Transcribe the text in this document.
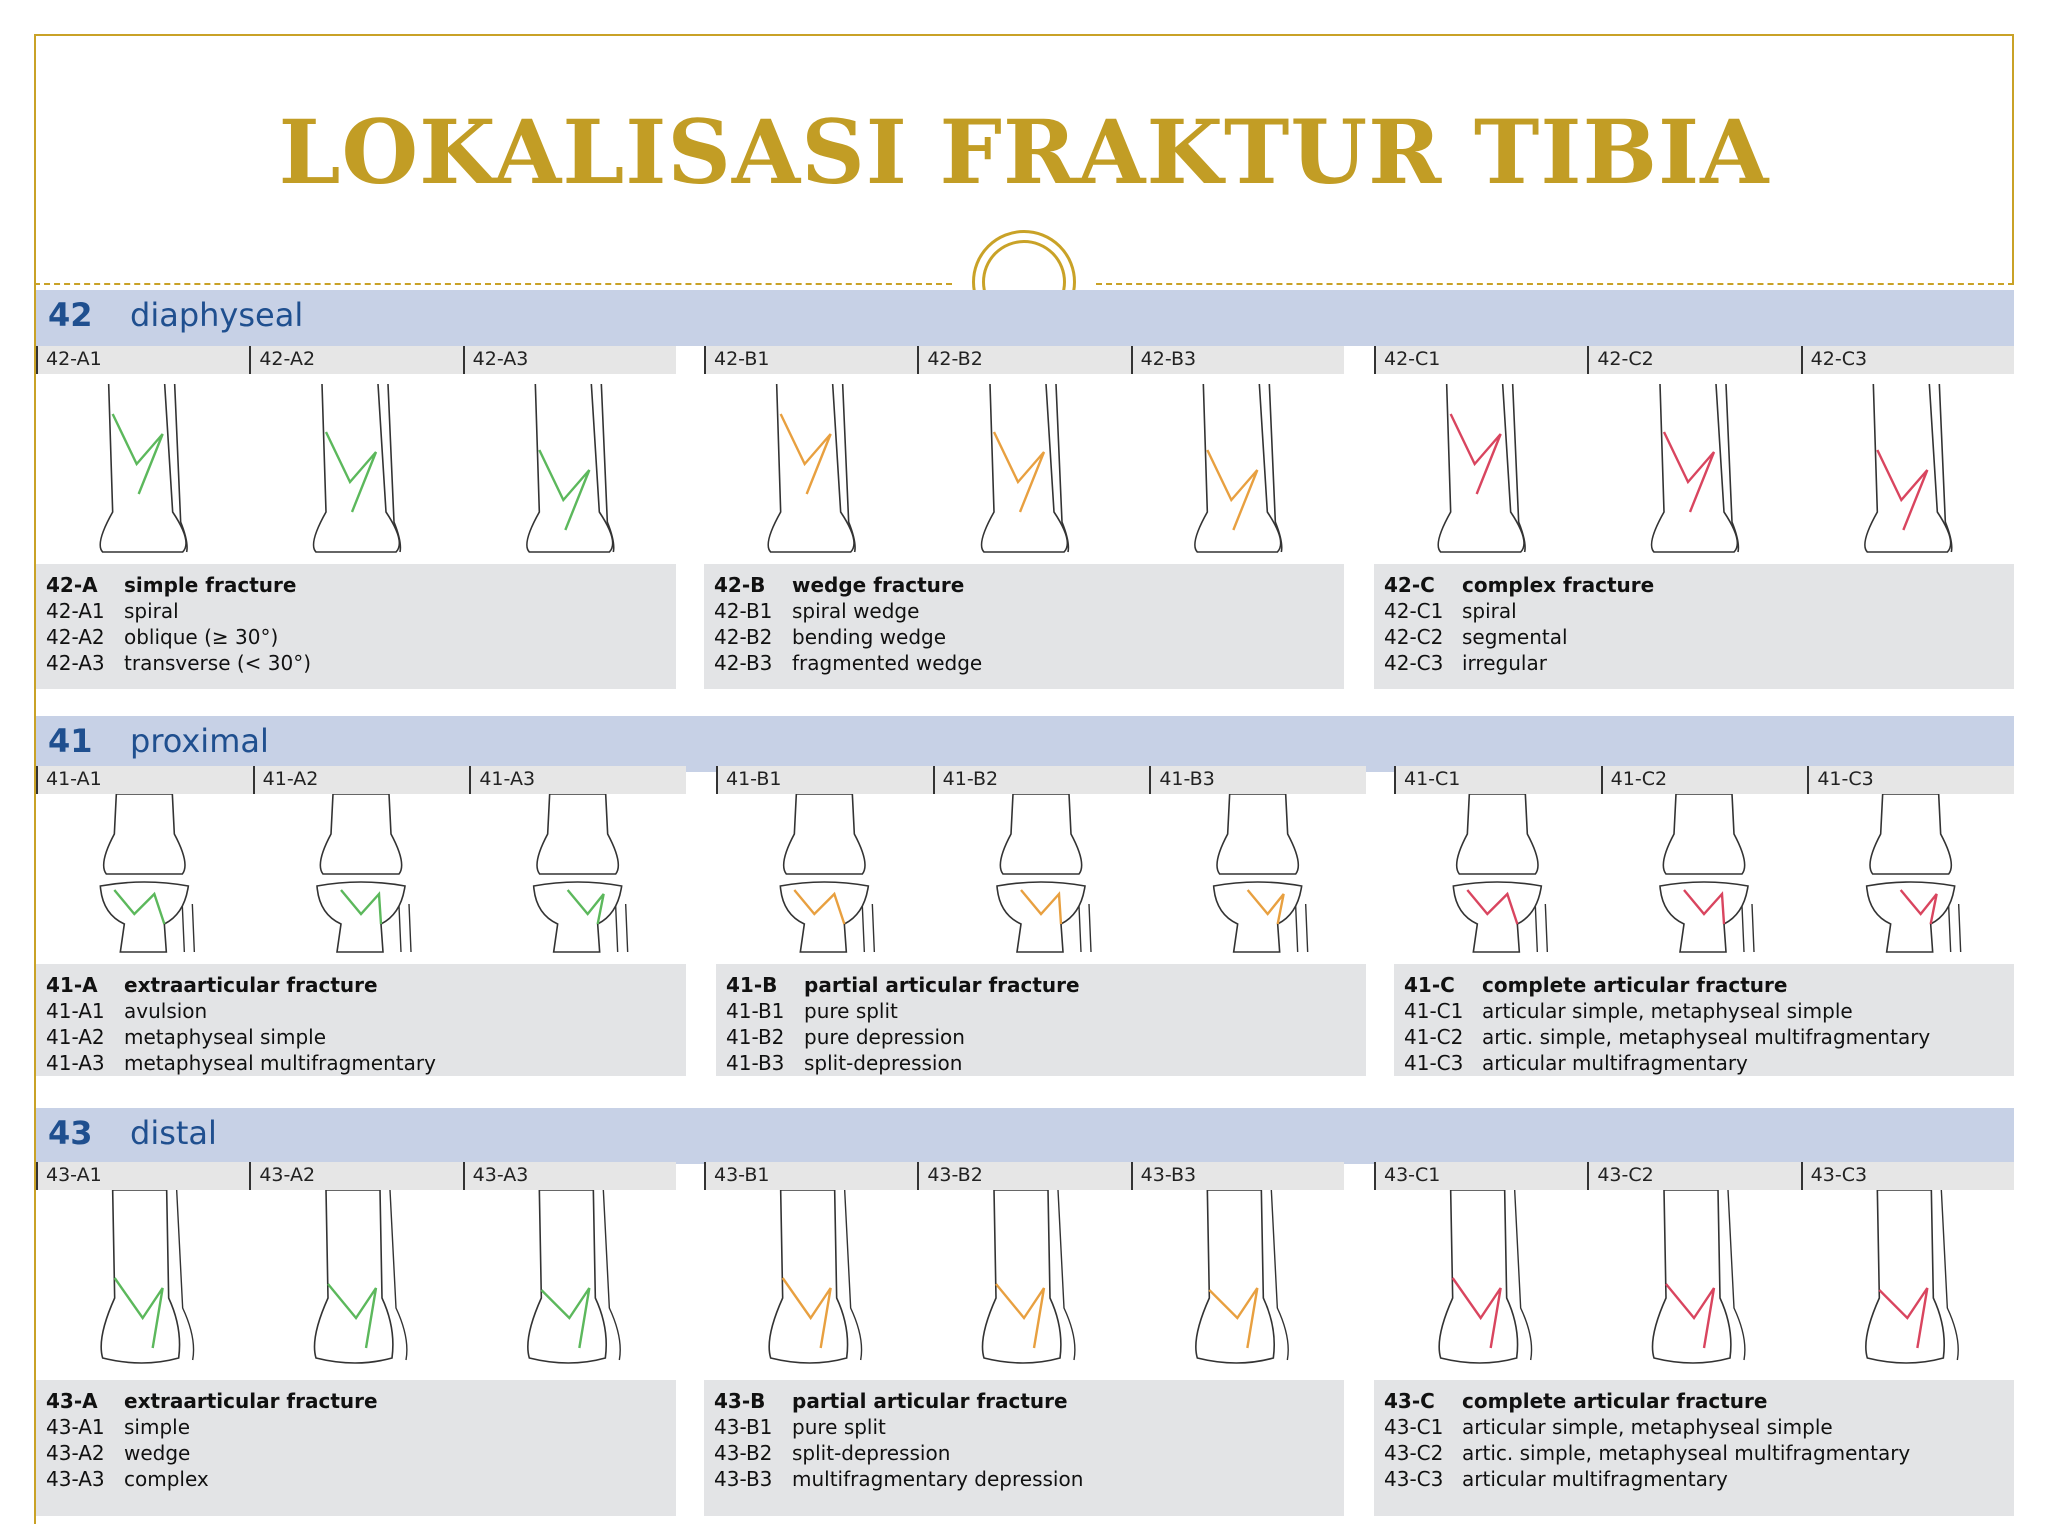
LOKALISASI FRAKTUR TIBIA
42 diaphyseal
42-A1	42-A2	42-A3
42-A simple fracture
42-A1 spiral
42-A2 oblique (≥ 30°)
42-A3 transverse (< 30°)
42-B1	42-B2	42-B3
42-B wedge fracture
42-B1 spiral wedge
42-B2 bending wedge
42-B3 fragmented wedge
42-C1	42-C2	42-C3
42-C complex fracture
42-C1 spiral
42-C2 segmental
42-C3 irregular
41 proximal
41-A1	41-A2	41-A3
41-A extraarticular fracture
41-A1 avulsion
41-A2 metaphyseal simple
41-A3 metaphyseal multifragmentary
41-B1	41-B2	41-B3
41-B partial articular fracture
41-B1 pure split
41-B2 pure depression
41-B3 split-depression
41-C1	41-C2	41-C3
41-C complete articular fracture
41-C1 articular simple, metaphyseal simple
41-C2 artic. simple, metaphyseal multifragmentary
41-C3 articular multifragmentary
43 distal
43-A1	43-A2	43-A3
43-A extraarticular fracture
43-A1 simple
43-A2 wedge
43-A3 complex
43-B1	43-B2	43-B3
43-B partial articular fracture
43-B1 pure split
43-B2 split-depression
43-B3 multifragmentary depression
43-C1	43-C2	43-C3
43-C complete articular fracture
43-C1 articular simple, metaphyseal simple
43-C2 artic. simple, metaphyseal multifragmentary
43-C3 articular multifragmentary
